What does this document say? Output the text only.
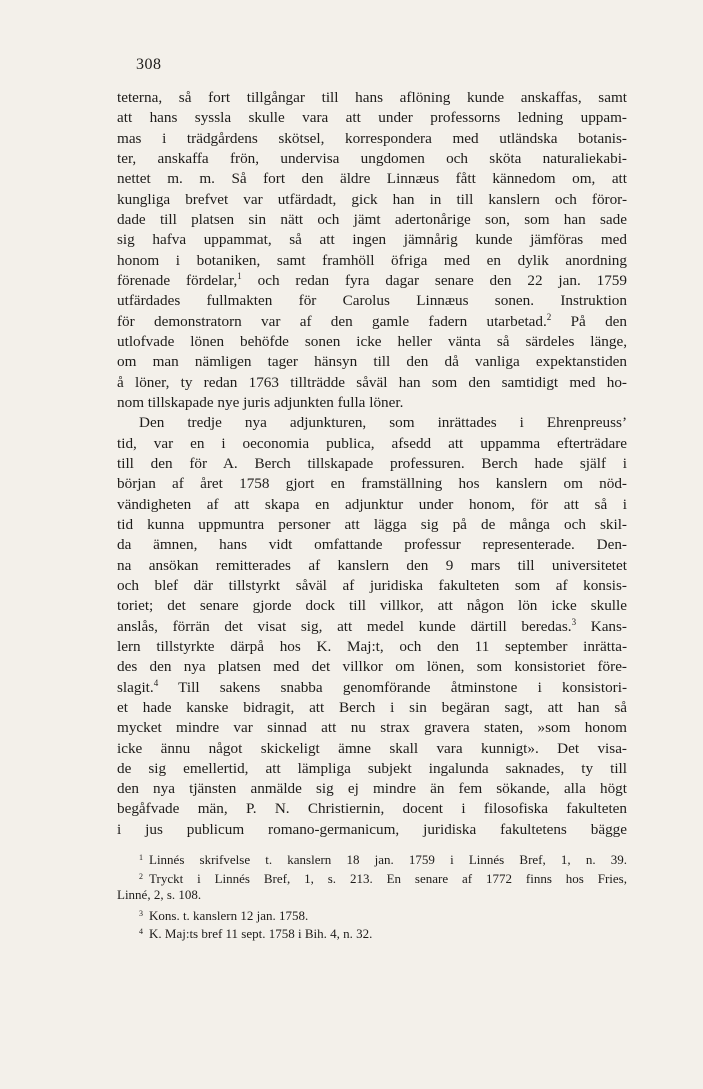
308
teterna, så fort tillgångar till hans aflöning kunde anskaffas, samt
att hans syssla skulle vara att under professorns ledning uppam-
mas i trädgårdens skötsel, korrespondera med utländska botanis-
ter, anskaffa frön, undervisa ungdomen och sköta naturaliekabi-
nettet m. m. Så fort den äldre Linnæus fått kännedom om, att
kungliga brefvet var utfärdadt, gick han in till kanslern och föror-
dade till platsen sin nätt och jämt adertonårige son, som han sade
sig hafva uppammat, så att ingen jämnårig kunde jämföras med
honom i botaniken, samt framhöll öfriga med en dylik anordning
förenade fördelar,$^1$ och redan fyra dagar senare den 22 jan. 1759
utfärdades fullmakten för Carolus Linnæus sonen. Instruktion
för demonstratorn var af den gamle fadern utarbetad.$^2$ På den
utlofvade lönen behöfde sonen icke heller vänta så särdeles länge,
om man nämligen tager hänsyn till den då vanliga expektanstiden
å löner, ty redan 1763 tillträdde såväl han som den samtidigt med ho-
nom tillskapade nye juris adjunkten fulla löner.
Den tredje nya adjunkturen, som inrättades i Ehrenpreuss’
tid, var en i oeconomia publica, afsedd att uppamma efterträdare
till den för A. Berch tillskapade professuren. Berch hade själf i
början af året 1758 gjort en framställning hos kanslern om nöd-
vändigheten af att skapa en adjunktur under honom, för att så i
tid kunna uppmuntra personer att lägga sig på de många och skil-
da ämnen, hans vidt omfattande professur representerade. Den-
na ansökan remitterades af kanslern den 9 mars till universitetet
och blef där tillstyrkt såväl af juridiska fakulteten som af konsis-
toriet; det senare gjorde dock till villkor, att någon lön icke skulle
anslås, förrän det visat sig, att medel kunde därtill beredas.$^3$ Kans-
lern tillstyrkte därpå hos K. Maj:t, och den 11 september inrätta-
des den nya platsen med det villkor om lönen, som konsistoriet före-
slagit.$^4$ Till sakens snabba genomförande åtminstone i konsistori-
et hade kanske bidragit, att Berch i sin begäran sagt, att han så
mycket mindre var sinnad att nu strax gravera staten, »som honom
icke ännu något skickeligt ämne skall vara kunnigt». Det visa-
de sig emellertid, att lämpliga subjekt ingalunda saknades, ty till
den nya tjänsten anmälde sig ej mindre än fem sökande, alla högt
begåfvade män, P. N. Christiernin, docent i filosofiska fakulteten
i jus publicum romano-germanicum, juridiska fakultetens bägge
$^1$ Linnés skrifvelse t. kanslern 18 jan. 1759 i Linnés Bref, 1, n. 39.
$^2$ Tryckt i Linnés Bref, 1, s. 213. En senare af 1772 finns hos Fries,
Linné, 2, s. 108.
$^3$ Kons. t. kanslern 12 jan. 1758.
$^4$ K. Maj:ts bref 11 sept. 1758 i Bih. 4, n. 32.
